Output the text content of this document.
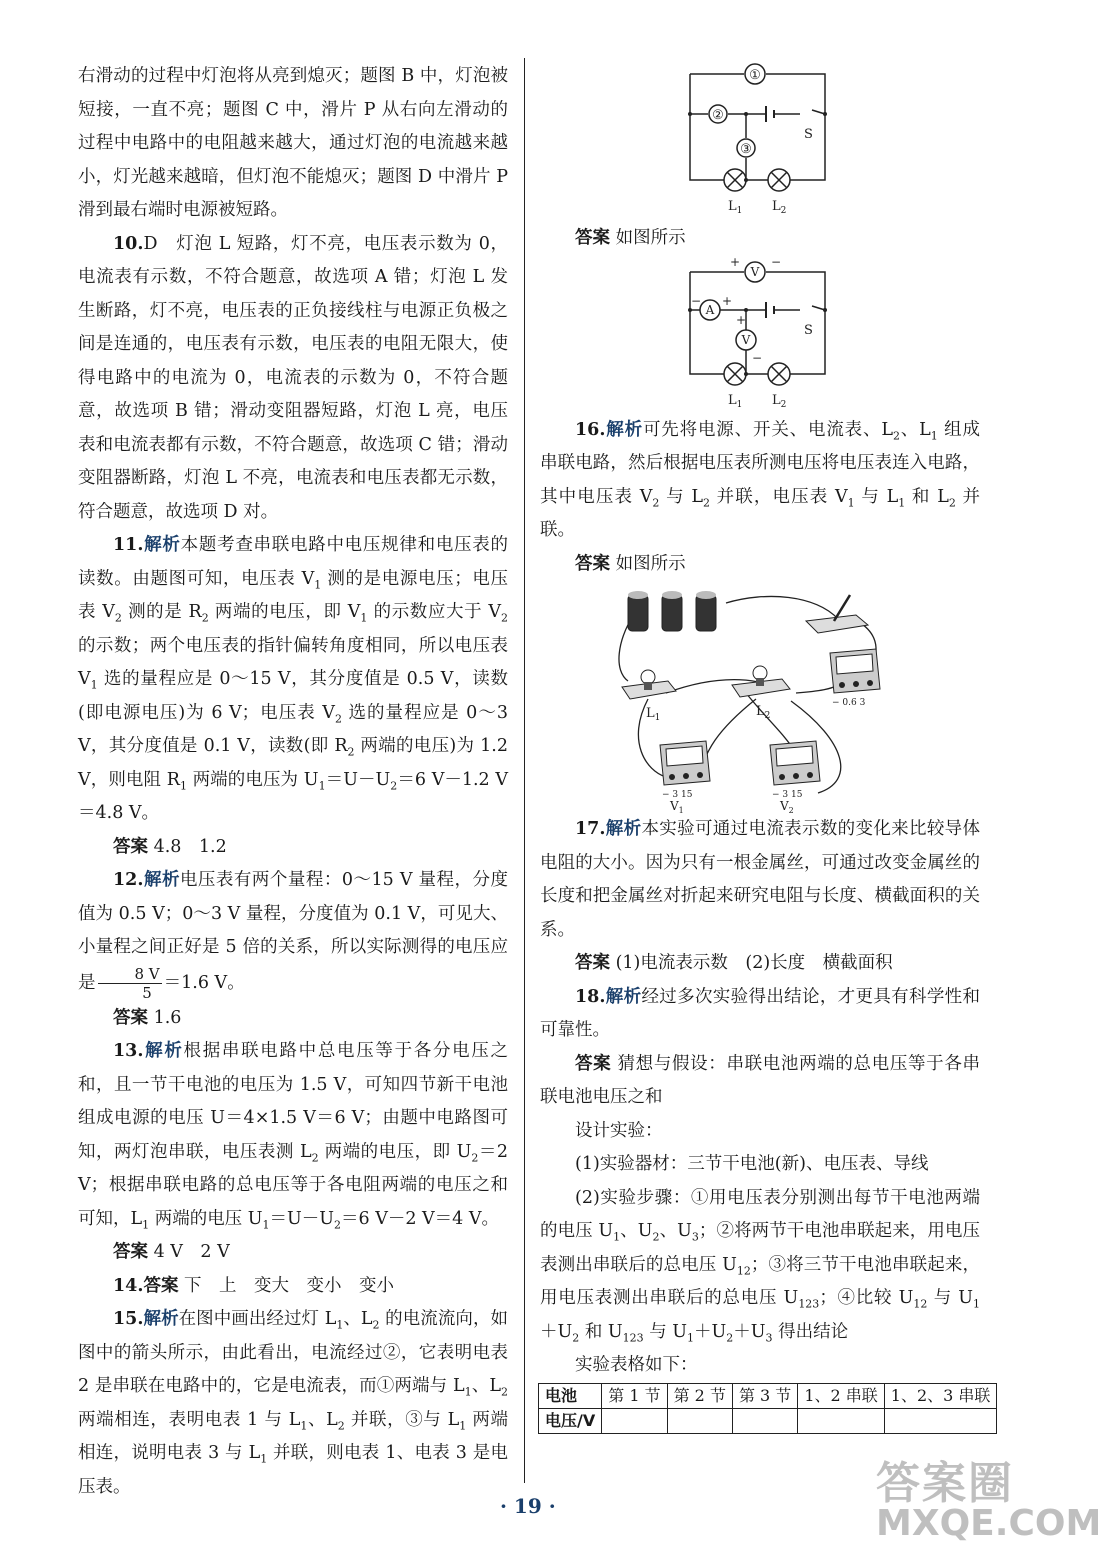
右滑动的过程中灯泡将从亮到熄灭；题图 B 中，灯泡被短接，一直不亮；题图 C 中，滑片 P 从右向左滑动的过程中电路中的电阻越来越大，通过灯泡的电流越来越小，灯光越来越暗，但灯泡不能熄灭；题图 D 中滑片 P 滑到最右端时电源被短路。

10.D　灯泡 L 短路，灯不亮，电压表示数为 0，电流表有示数，不符合题意，故选项 A 错；灯泡 L 发生断路，灯不亮，电压表的正负接线柱与电源正负极之间是连通的，电压表有示数，电压表的电阻无限大，使得电路中的电流为 0，电流表的示数为 0，不符合题意，故选项 B 错；滑动变阻器短路，灯泡 L 亮，电压表和电流表都有示数，不符合题意，故选项 C 错；滑动变阻器断路，灯泡 L 不亮，电流表和电压表都无示数，符合题意，故选项 D 对。

11.解析本题考查串联电路中电压规律和电压表的读数。由题图可知，电压表 $V_1$ 测的是电源电压；电压表 $V_2$ 测的是 $R_2$ 两端的电压，即 $V_1$ 的示数应大于 $V_2$ 的示数；两个电压表的指针偏转角度相同，所以电压表 $V_1$ 选的量程应是 0～15 V，其分度值是 0.5 V，读数(即电源电压)为 6 V；电压表 $V_2$ 选的量程应是 0～3 V，其分度值是 0.1 V，读数(即 $R_2$ 两端的电压)为 1.2 V，则电阻 $R_1$ 两端的电压为 $U_1=U-U_2=6$ V－1.2 V＝4.8 V。

答案 4.8　1.2

12.解析电压表有两个量程：0～15 V 量程，分度值为 0.5 V；0～3 V 量程，分度值为 0.1 V，可见大、小量程之间正好是 5 倍的关系，所以实际测得的电压应是 $\frac{8 V}{5} =1.6$ V。

答案 1.6

13.解析根据串联电路中总电压等于各分电压之和，且一节干电池的电压为 1.5 V，可知四节新干电池组成电源的电压 U＝4×1.5 V＝6 V；由题中电路图可知，两灯泡串联，电压表测 $L_2$ 两端的电压，即 $U_2=2$ V；根据串联电路的总电压等于各电阻两端的电压之和可知，$L_1$ 两端的电压 $U_1=U-U_2=6$ V－2 V＝4 V。

答案 4 V　2 V

14.答案 下　上　变大　变小　变小

15.解析在图中画出经过灯 $L_1$、$L_2$ 的电流流向，如图中的箭头所示，由此看出，电流经过②，它表明电表 2 是串联在电路中的，它是电流表，而①两端与 $L_1$、$L_2$ 两端相连，表明电表 1 与 $L_1$、$L_2$ 并联，③与 $L_1$ 两端相连，说明电表 3 与 $L_1$ 并联，则电表 1、电表 3 是电压表。

①
②
③
S
$L_1$ $L_2$

答案 如图所示

V
+	−
A
− +
V
+
−
S
$L_1$ $L_2$

16.解析可先将电源、开关、电流表、$L_2$、$L_1$ 组成串联电路，然后根据电压表所测电压将电压表连入电路，其中电压表 $V_2$ 与 $L_2$ 并联，电压表 $V_1$ 与 $L_1$ 和 $L_2$ 并联。

答案 如图所示

$L_1$	$L_2$
− 0.6 3
− 3 15	− 3 15
$V_1$	$V_2$

17.解析本实验可通过电流表示数的变化来比较导体电阻的大小。因为只有一根金属丝，可通过改变金属丝的长度和把金属丝对折起来研究电阻与长度、横截面积的关系。

答案 (1)电流表示数　(2)长度　横截面积

18.解析经过多次实验得出结论，才更具有科学性和可靠性。

答案 猜想与假设：串联电池两端的总电压等于各串联电池电压之和

设计实验：

(1)实验器材：三节干电池(新)、电压表、导线

(2)实验步骤：①用电压表分别测出每节干电池两端的电压 $U_1$、$U_2$、$U_3$；②将两节干电池串联起来，用电压表测出串联后的总电压 $U_{12}$；③将三节干电池串联起来，用电压表测出串联后的总电压 $U_{123}$；④比较 $U_{12}$ 与 $U_1+U_2$ 和 $U_{123}$ 与 $U_1+U_2+U_3$ 得出结论

实验表格如下：

电池	第 1 节	第 2 节	第 3 节	1、2 串联	1、2、3 串联
电压/V					
· 19 ·	答案圈
MXQE.COM
